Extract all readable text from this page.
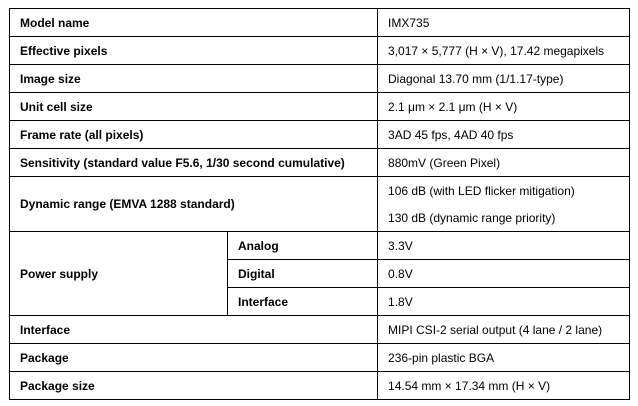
Model name		IMX735
Effective pixels		3,017 × 5,777 (H × V), 17.42 megapixels
Image size		Diagonal 13.70 mm (1/1.17-type)
Unit cell size		2.1 μm × 2.1 μm (H × V)
Frame rate (all pixels)		3AD 45 fps, 4AD 40 fps
Sensitivity (standard value F5.6, 1/30 second cumulative)		880mV (Green Pixel)
Dynamic range (EMVA 1288 standard)		106 dB (with LED flicker mitigation)
130 dB (dynamic range priority)

Power supply	Analog	3.3V
	Digital	0.8V
	Interface	1.8V
Interface		MIPI CSI-2 serial output (4 lane / 2 lane)
Package		236-pin plastic BGA
Package size		14.54 mm × 17.34 mm (H × V)
